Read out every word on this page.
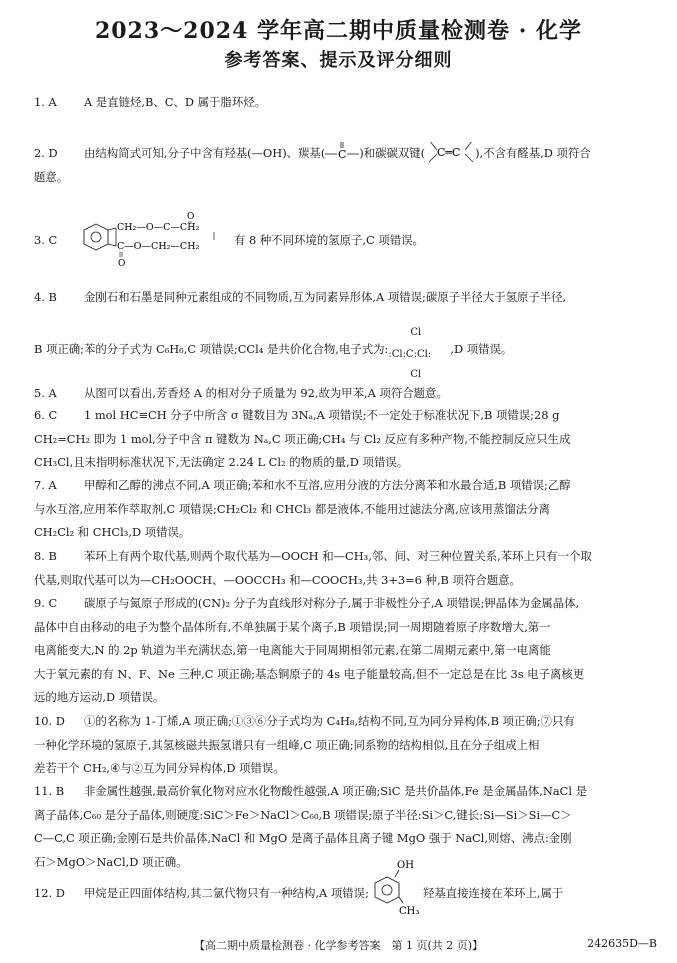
2023～2024 学年高二期中质量检测卷 · 化学
参考答案、提示及评分细则
1. A	A 是直链烃,B、C、D 属于脂环烃。
2. D	由结构简式可知,分子中含有羟基(—OH)、羰基(
O
C )和碳碳双键( C═C ),不含有醛基,D 项符合
题意。
3. C
CH₂—O—C—CH₂
C—O—CH₂—CH₂
O
O
有 8 种不同环境的氢原子,C 项错误。
4. B	金刚石和石墨是同种元素组成的不同物质,互为同素异形体,A 项错误;碳原子半径大于氢原子半径,
B 项正确;苯的分子式为 C₆H₆,C 项错误;CCl₄ 是共价化合物,电子式为:
Cl
:Cl:C:Cl:
Cl
,D 项错误。
5. A	从图可以看出,芳香烃 A 的相对分子质量为 92,故为甲苯,A 项符合题意。
6. C	1 mol HC≡CH 分子中所含 σ 键数目为 3Nₐ,A 项错误;不一定处于标准状况下,B 项错误;28 g
CH₂=CH₂ 即为 1 mol,分子中含 π 键数为 Nₐ,C 项正确;CH₄ 与 Cl₂ 反应有多种产物,不能控制反应只生成
CH₃Cl,且未指明标准状况下,无法确定 2.24 L Cl₂ 的物质的量,D 项错误。
7. A	甲醇和乙醇的沸点不同,A 项正确;苯和水不互溶,应用分液的方法分离苯和水最合适,B 项错误;乙醇
与水互溶,应用苯作萃取剂,C 项错误;CH₂Cl₂ 和 CHCl₃ 都是液体,不能用过滤法分离,应该用蒸馏法分离
CH₂Cl₂ 和 CHCl₃,D 项错误。
8. B	苯环上有两个取代基,则两个取代基为—OOCH 和—CH₃,邻、间、对三种位置关系,苯环上只有一个取
代基,则取代基可以为—CH₂OOCH、—OOCCH₃ 和—COOCH₃,共 3+3=6 种,B 项符合题意。
9. C	碳原子与氮原子形成的(CN)₂ 分子为直线形对称分子,属于非极性分子,A 项错误;钾晶体为金属晶体,
晶体中自由移动的电子为整个晶体所有,不单独属于某个离子,B 项错误;同一周期随着原子序数增大,第一
电离能变大,N 的 2p 轨道为半充满状态,第一电离能大于同周期相邻元素,在第二周期元素中,第一电离能
大于氧元素的有 N、F、Ne 三种,C 项正确;基态铜原子的 4s 电子能量较高,但不一定总是在比 3s 电子离核更
远的地方运动,D 项错误。
10. D	①的名称为 1-丁烯,A 项正确;①③⑥分子式均为 C₄H₈,结构不同,互为同分异构体,B 项正确;⑦只有
一种化学环境的氢原子,其氢核磁共振氢谱只有一组峰,C 项正确;同系物的结构相似,且在分子组成上相
差若干个 CH₂,④与②互为同分异构体,D 项错误。
11. B	非金属性越强,最高价氧化物对应水化物酸性越强,A 项正确;SiC 是共价晶体,Fe 是金属晶体,NaCl 是
离子晶体,C₆₀ 是分子晶体,则硬度:SiC＞Fe＞NaCl＞C₆₀,B 项错误;原子半径:Si＞C,键长:Si—Si＞Si—C＞
C—C,C 项正确;金刚石是共价晶体,NaCl 和 MgO 是离子晶体且离子键 MgO 强于 NaCl,则熔、沸点:金刚
石＞MgO＞NaCl,D 项正确。
12. D	甲烷是正四面体结构,其二氯代物只有一种结构,A 项错误;
OH
CH₃
羟基直接连接在苯环上,属于
【高二期中质量检测卷 · 化学参考答案　第 1 页(共 2 页)】	242635D—B
